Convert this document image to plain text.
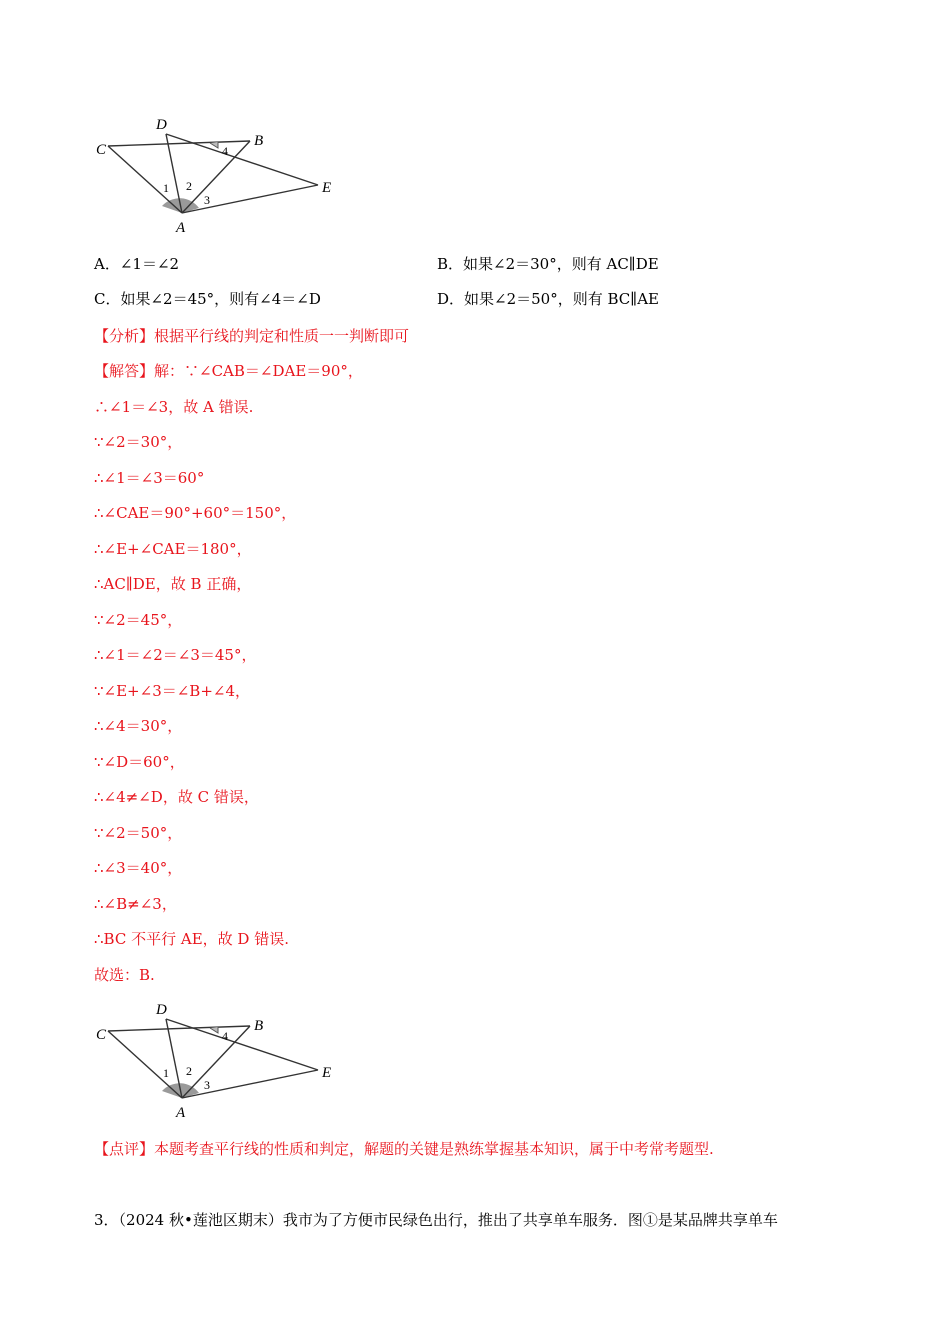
D
C
B
E
A
1 2
3
4
A．∠1＝∠2	B．如果∠2＝30°，则有 AC∥DE
C．如果∠2＝45°，则有∠4＝∠D	D．如果∠2＝50°，则有 BC∥AE
【分析】根据平行线的判定和性质一一判断即可
【解答】解：∵∠CAB＝∠DAE＝90°，
∴∠1＝∠3，故 A 错误.
∵∠2＝30°，
∴∠1＝∠3＝60°
∴∠CAE＝90°+60°＝150°，
∴∠E+∠CAE＝180°，
∴AC∥DE，故 B 正确，
∵∠2＝45°，
∴∠1＝∠2＝∠3＝45°，
∵∠E+∠3＝∠B+∠4，
∴∠4＝30°，
∵∠D＝60°，
∴∠4≠∠D，故 C 错误，
∵∠2＝50°，
∴∠3＝40°，
∴∠B≠∠3，
∴BC 不平行 AE，故 D 错误.
故选：B.
D
C
B
E
A
1 2
3
4
【点评】本题考查平行线的性质和判定，解题的关键是熟练掌握基本知识，属于中考常考题型.
3．（2024 秋•莲池区期末）我市为了方便市民绿色出行，推出了共享单车服务．图①是某品牌共享单车
